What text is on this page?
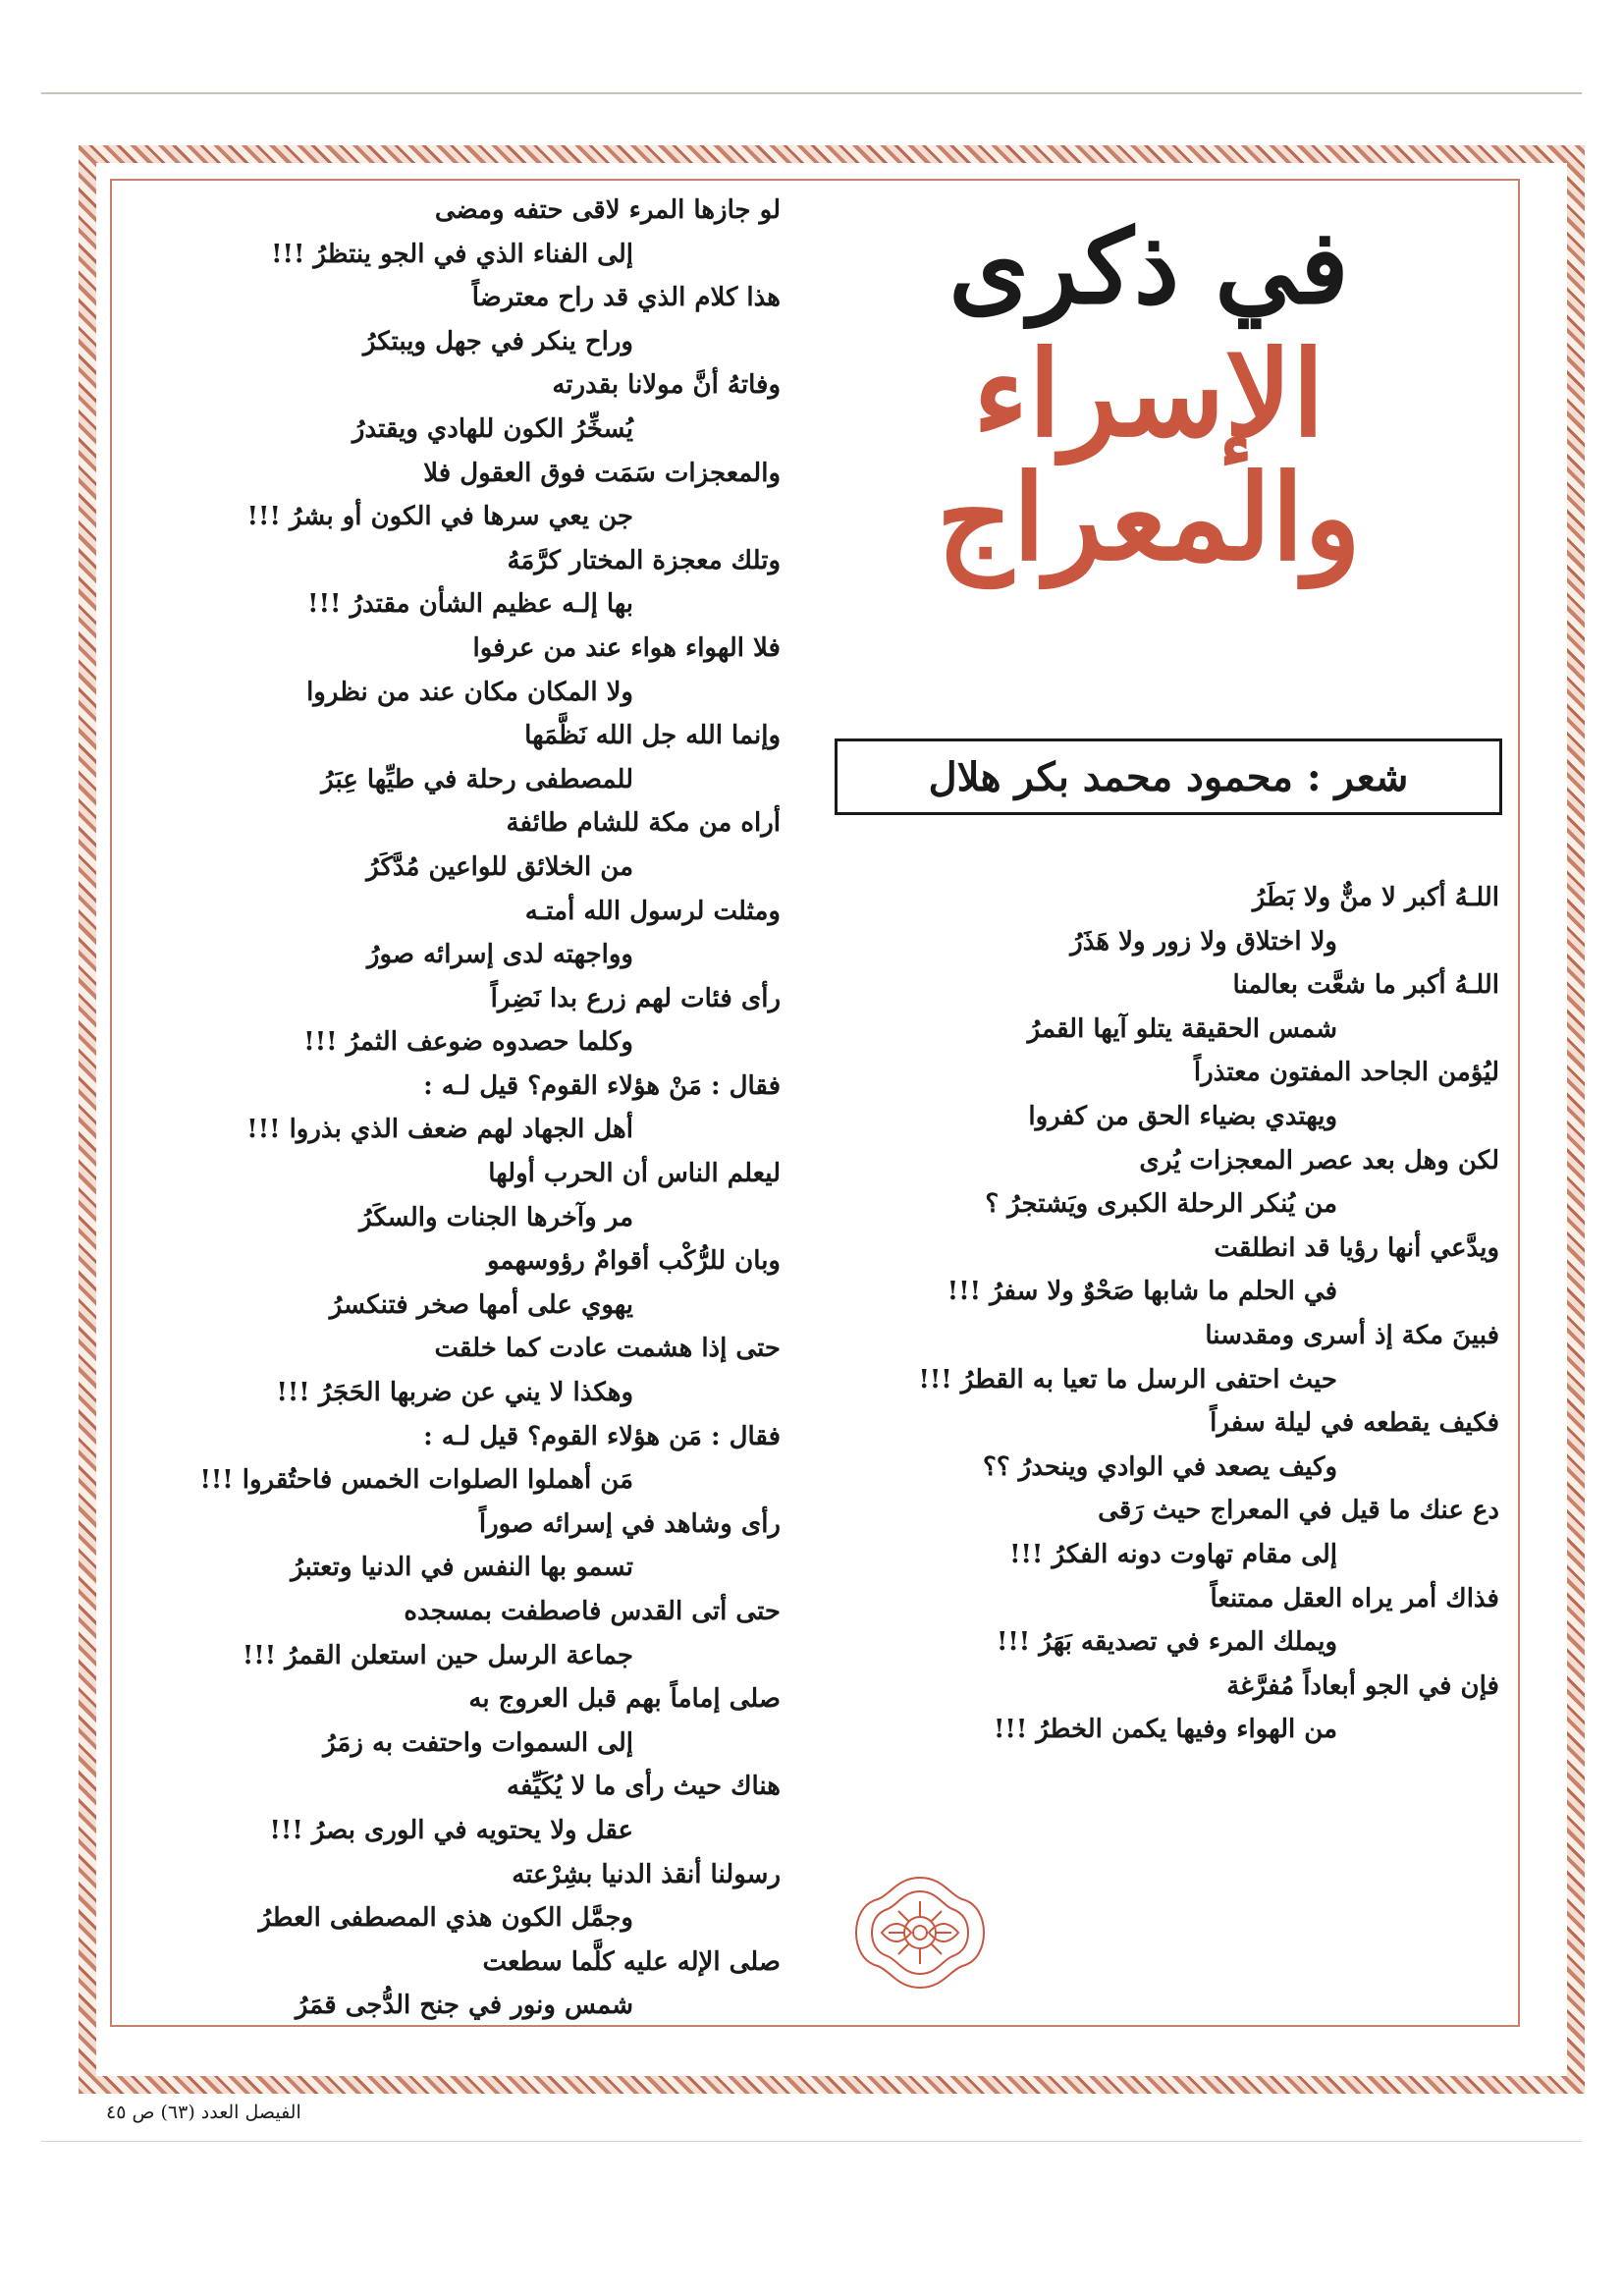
في ذكرى
الإسراء
والمعراج
شعر : محمود محمد بكر هلال
لو جازها المرء لاقى حتفه ومضى
إلى الفناء الذي في الجو ينتظرُ !!!
هذا كلام الذي قد راح معترضاً
وراح ينكر في جهل ويبتكرُ
وفاتهُ أنَّ مولانا بقدرته
يُسخِّرُ الكون للهادي ويقتدرُ
والمعجزات سَمَت فوق العقول فلا
جن يعي سرها في الكون أو بشرُ !!!
وتلك معجزة المختار كرَّمَهُ
بها إلـه عظيم الشأن مقتدرُ !!!
فلا الهواء هواء عند من عرفوا
ولا المكان مكان عند من نظروا
وإنما الله جل الله نَظَّمَها
للمصطفى رحلة في طيِّها عِبَرُ
أراه من مكة للشام طائفة
من الخلائق للواعين مُدَّكَرُ
ومثلت لرسول الله أمتـه
وواجهته لدى إسرائه صورُ
رأى فئات لهم زرع بدا نَضِراً
وكلما حصدوه ضوعف الثمرُ !!!
فقال : مَنْ هؤلاء القوم؟ قيل لـه :
أهل الجهاد لهم ضعف الذي بذروا !!!
ليعلم الناس أن الحرب أولها
مر وآخرها الجنات والسكَرُ
وبان للرُّكْب أقوامٌ رؤوسهمو
يهوي على أمها صخر فتنكسرُ
حتى إذا هشمت عادت كما خلقت
وهكذا لا يني عن ضربها الحَجَرُ !!!
فقال : مَن هؤلاء القوم؟ قيل لـه :
مَن أهملوا الصلوات الخمس فاحتُقروا !!!
رأى وشاهد في إسرائه صوراً
تسمو بها النفس في الدنيا وتعتبرُ
حتى أتى القدس فاصطفت بمسجده
جماعة الرسل حين استعلن القمرُ !!!
صلى إماماً بهم قبل العروج به
إلى السموات واحتفت به زمَرُ
هناك حيث رأى ما لا يُكَيِّفه
عقل ولا يحتويه في الورى بصرُ !!!
رسولنا أنقذ الدنيا بشِرْعته
وجمَّل الكون هذي المصطفى العطرُ
صلى الإله عليه كلَّما سطعت
شمس ونور في جنح الدُّجى قمَرُ
اللـهُ أكبر لا منٌّ ولا بَطَرُ
ولا اختلاق ولا زور ولا هَذَرُ
اللـهُ أكبر ما شعَّت بعالمنا
شمس الحقيقة يتلو آيها القمرُ
ليُؤمن الجاحد المفتون معتذراً
ويهتدي بضياء الحق من كفروا
لكن وهل بعد عصر المعجزات يُرى
من يُنكر الرحلة الكبرى ويَشتجرُ ؟
ويدَّعي أنها رؤيا قد انطلقت
في الحلم ما شابها صَحْوٌ ولا سفرُ !!!
فبينَ مكة إذ أسرى ومقدسنا
حيث احتفى الرسل ما تعيا به القطرُ !!!
فكيف يقطعه في ليلة سفراً
وكيف يصعد في الوادي وينحدرُ ؟؟
دع عنك ما قيل في المعراج حيث رَقى
إلى مقام تهاوت دونه الفكرُ !!!
فذاك أمر يراه العقل ممتنعاً
ويملك المرء في تصديقه بَهَرُ !!!
فإن في الجو أبعاداً مُفرَّغة
من الهواء وفيها يكمن الخطرُ !!!
الفيصل العدد (٦٣) ص ٤٥
